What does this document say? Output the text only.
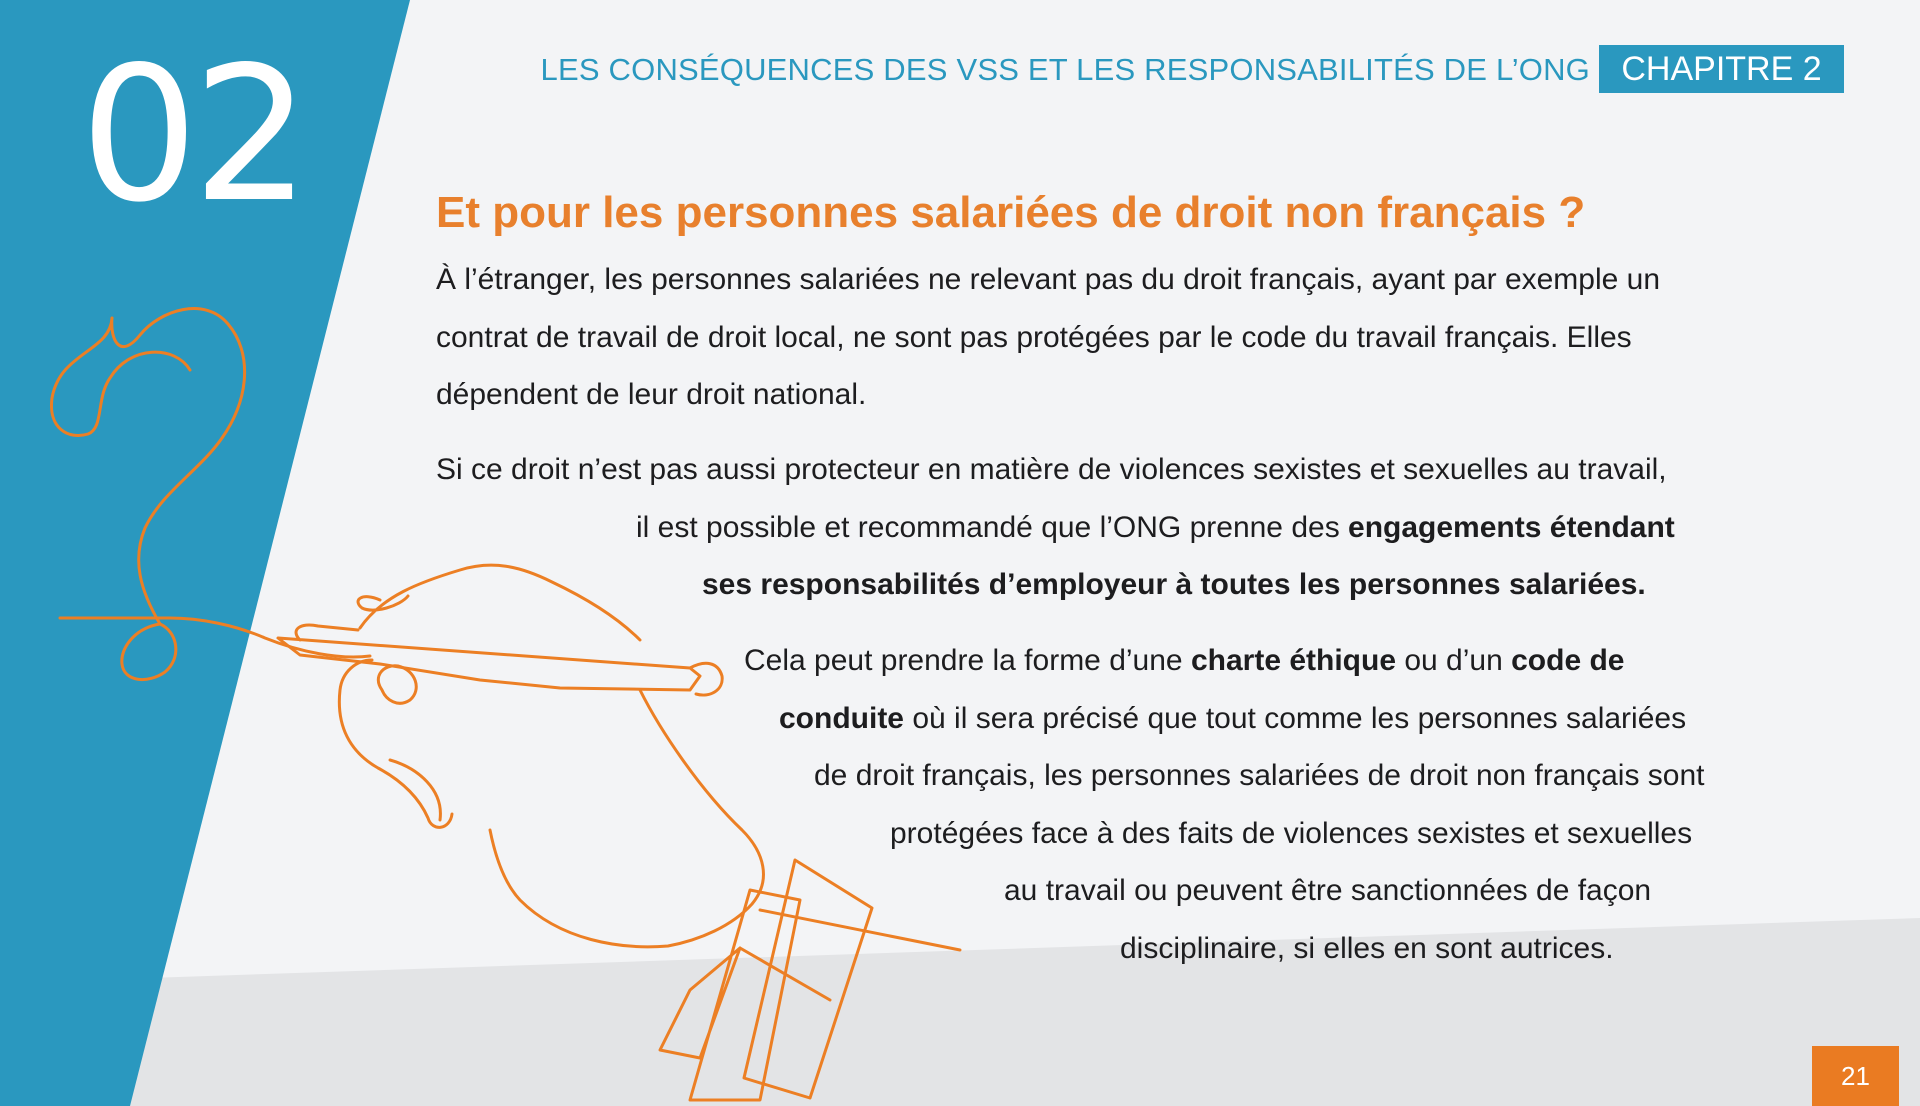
02	LES CONSÉQUENCES DES VSS ET LES RESPONSABILITÉS DE L’ONG CHAPITRE 2
Et pour les personnes salariées de droit non français ?
À l’étranger, les personnes salariées ne relevant pas du droit français, ayant par exemple un
contrat de travail de droit local, ne sont pas protégées par le code du travail français. Elles
dépendent de leur droit national.
Si ce droit n’est pas aussi protecteur en matière de violences sexistes et sexuelles au travail,
il est possible et recommandé que l’ONG prenne des engagements étendant
ses responsabilités d’employeur à toutes les personnes salariées.
Cela peut prendre la forme d’une charte éthique ou d’un code de
conduite où il sera précisé que tout comme les personnes salariées
de droit français, les personnes salariées de droit non français sont
protégées face à des faits de violences sexistes et sexuelles
au travail ou peuvent être sanctionnées de façon
disciplinaire, si elles en sont autrices.
21
